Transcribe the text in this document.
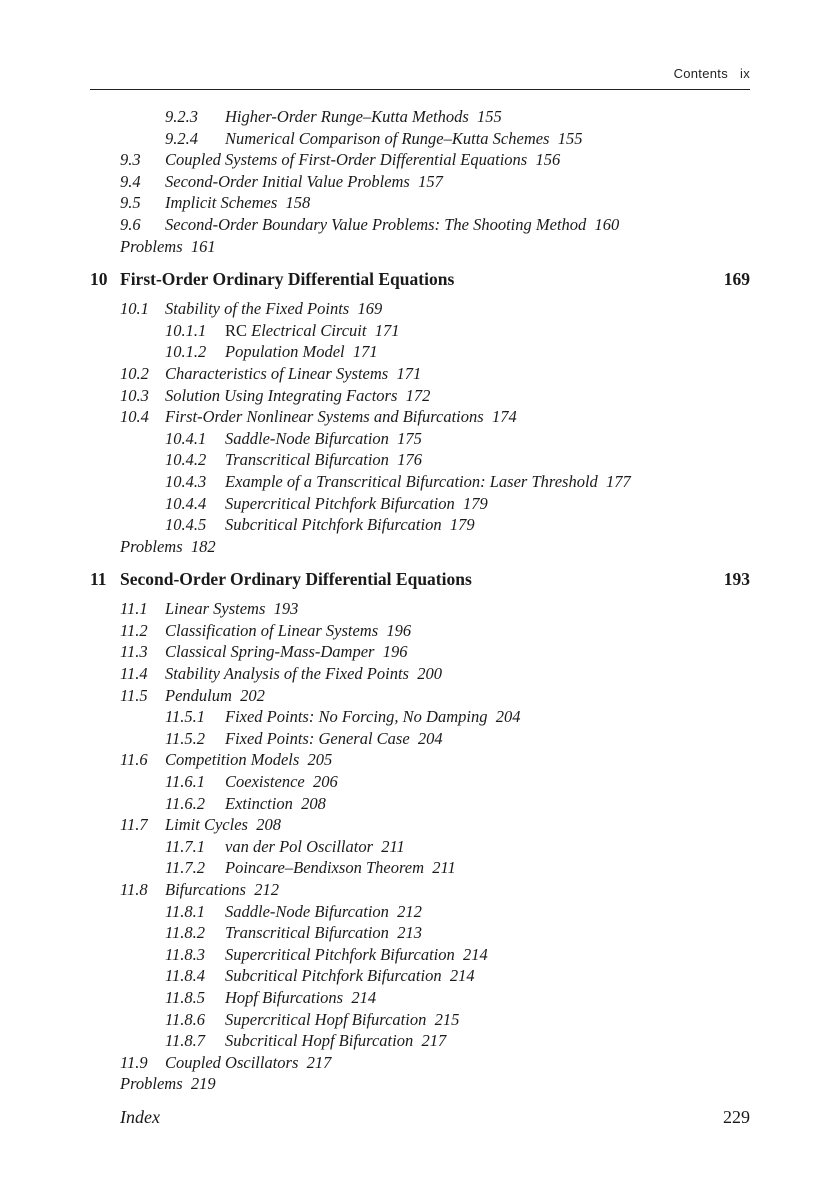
Contents ix
9.2.3 Higher-Order Runge–Kutta Methods  155
9.2.4 Numerical Comparison of Runge–Kutta Schemes  155
9.3 Coupled Systems of First-Order Differential Equations  156
9.4 Second-Order Initial Value Problems  157
9.5 Implicit Schemes  158
9.6 Second-Order Boundary Value Problems: The Shooting Method  160
Problems  161
10 First-Order Ordinary Differential Equations	169
10.1 Stability of the Fixed Points  169
10.1.1 RC Electrical Circuit  171
10.1.2 Population Model  171
10.2 Characteristics of Linear Systems  171
10.3 Solution Using Integrating Factors  172
10.4 First-Order Nonlinear Systems and Bifurcations  174
10.4.1 Saddle-Node Bifurcation  175
10.4.2 Transcritical Bifurcation  176
10.4.3 Example of a Transcritical Bifurcation: Laser Threshold  177
10.4.4 Supercritical Pitchfork Bifurcation  179
10.4.5 Subcritical Pitchfork Bifurcation  179
Problems  182
11 Second-Order Ordinary Differential Equations	193
11.1 Linear Systems  193
11.2 Classification of Linear Systems  196
11.3 Classical Spring-Mass-Damper  196
11.4 Stability Analysis of the Fixed Points  200
11.5 Pendulum  202
11.5.1 Fixed Points: No Forcing, No Damping  204
11.5.2 Fixed Points: General Case  204
11.6 Competition Models  205
11.6.1 Coexistence  206
11.6.2 Extinction  208
11.7 Limit Cycles  208
11.7.1 van der Pol Oscillator  211
11.7.2 Poincare–Bendixson Theorem  211
11.8 Bifurcations  212
11.8.1 Saddle-Node Bifurcation  212
11.8.2 Transcritical Bifurcation  213
11.8.3 Supercritical Pitchfork Bifurcation  214
11.8.4 Subcritical Pitchfork Bifurcation  214
11.8.5 Hopf Bifurcations  214
11.8.6 Supercritical Hopf Bifurcation  215
11.8.7 Subcritical Hopf Bifurcation  217
11.9 Coupled Oscillators  217
Problems  219
Index	229
